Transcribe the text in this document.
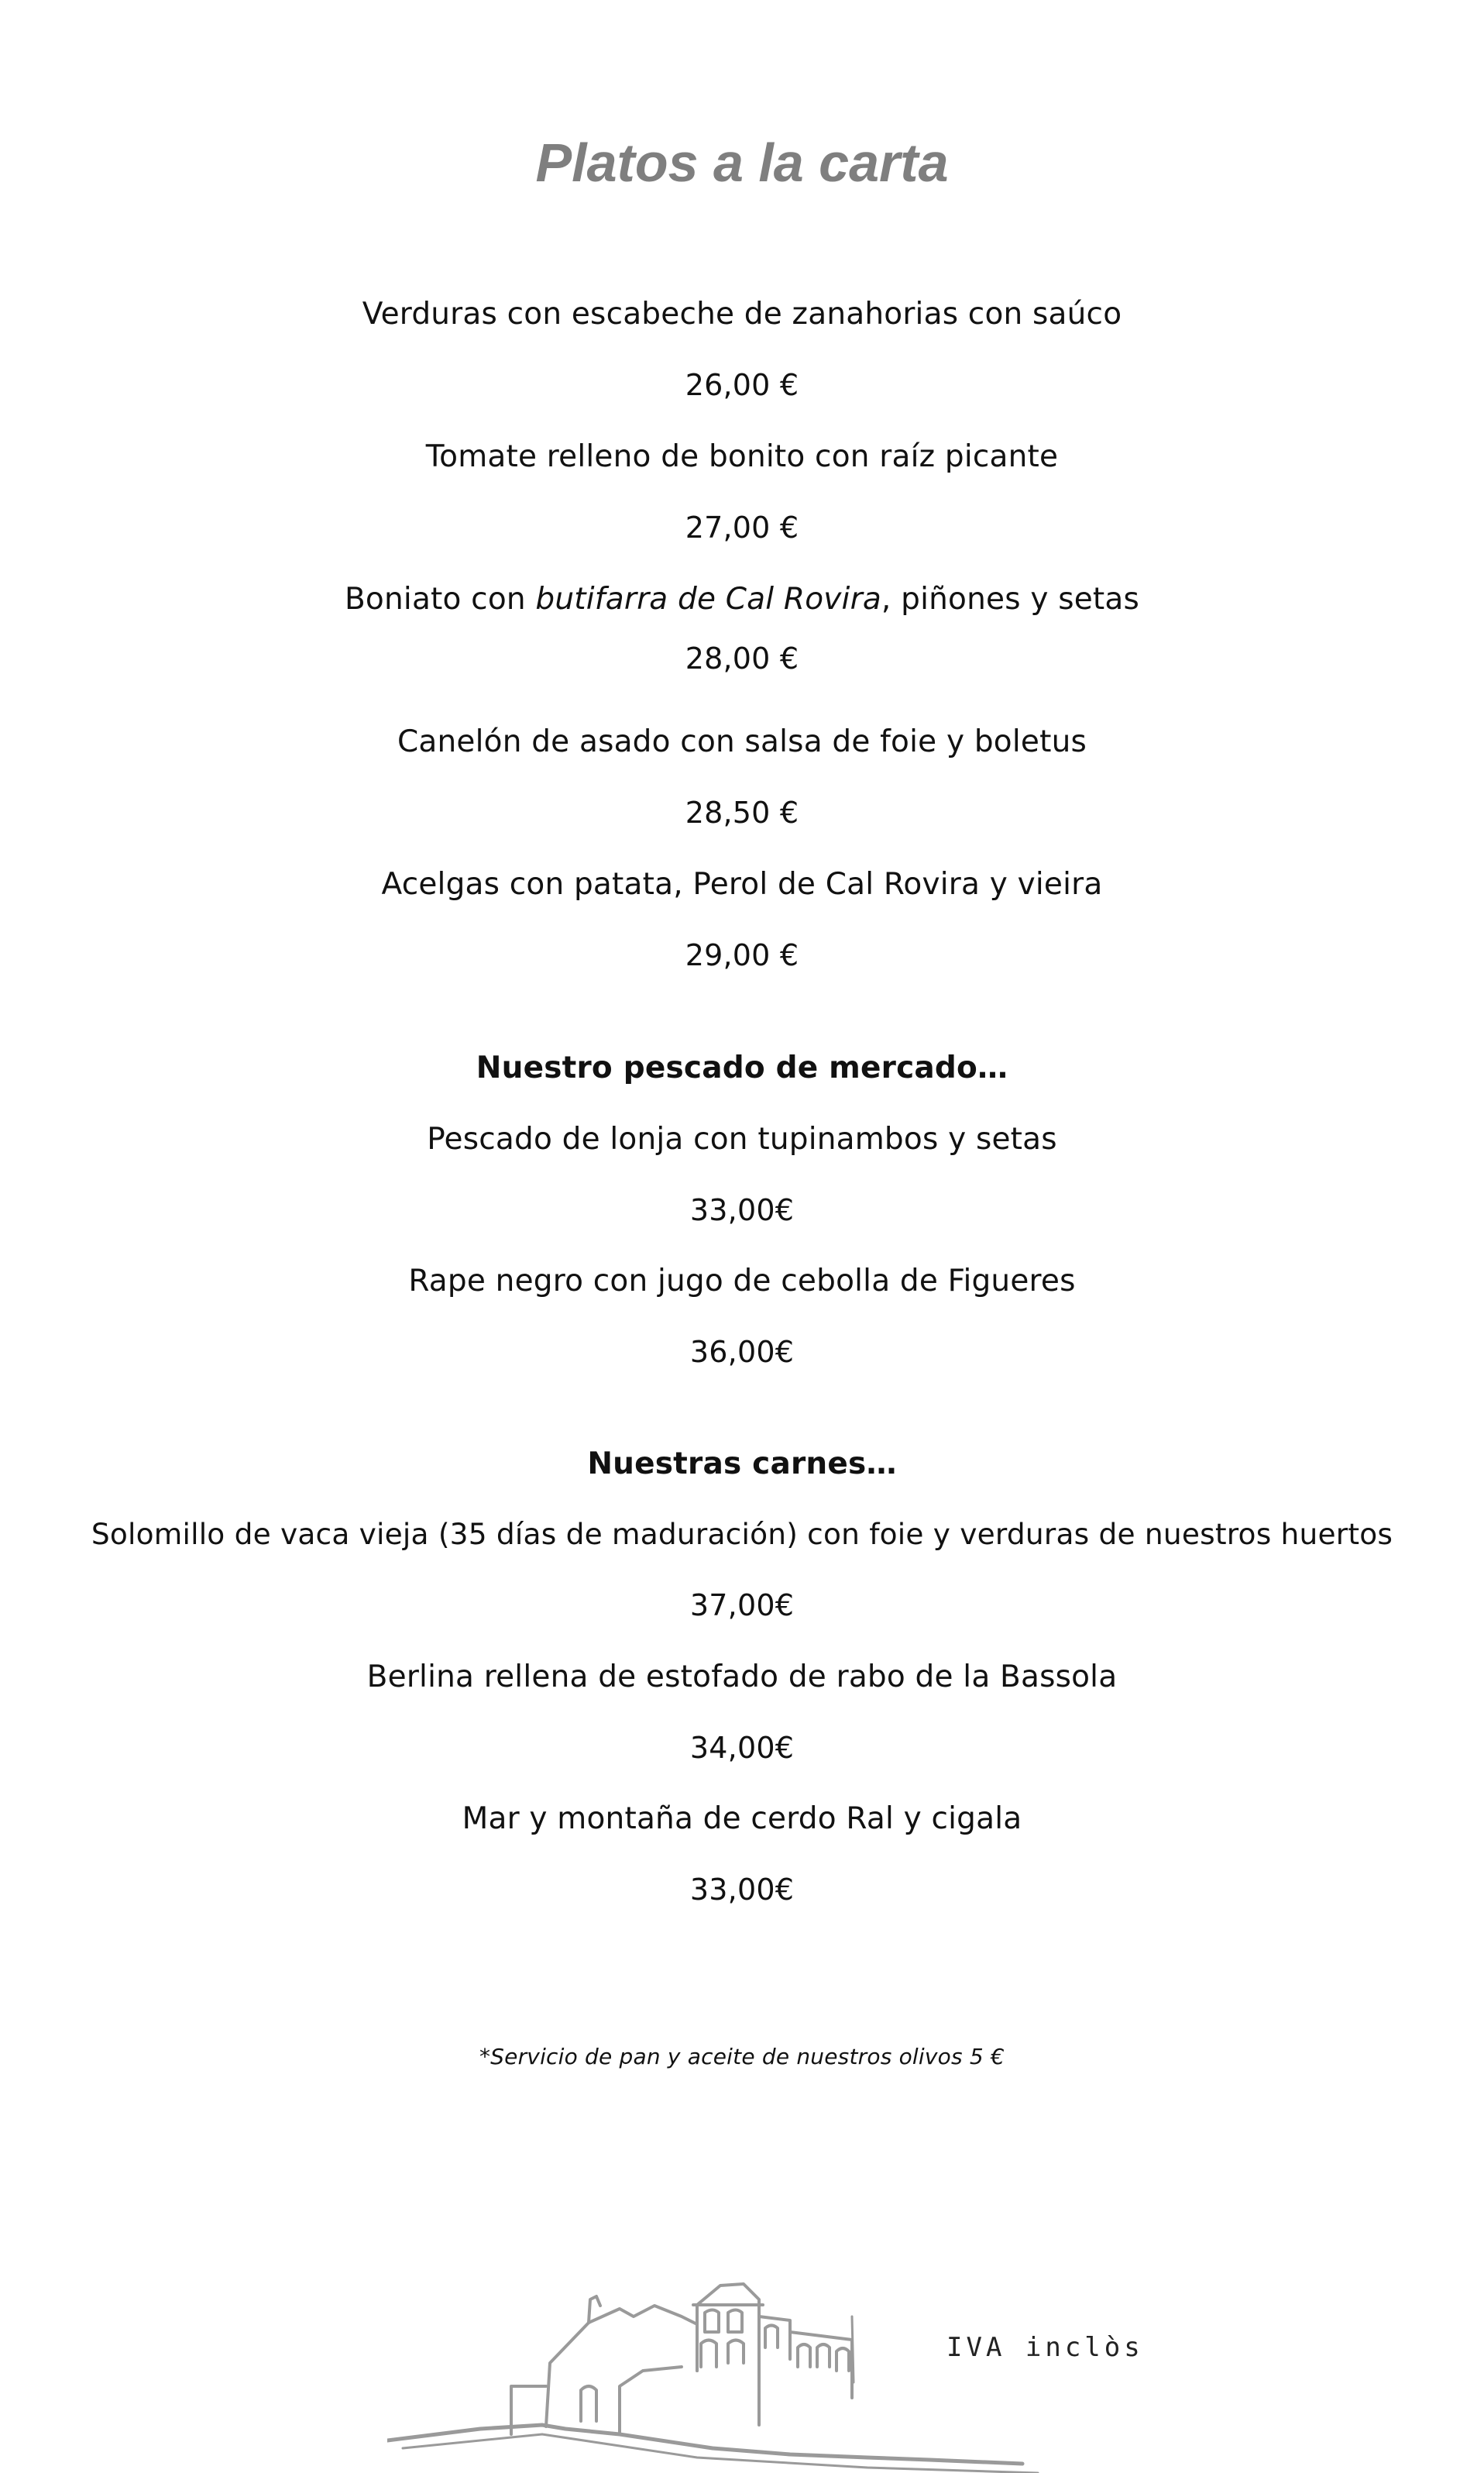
Platos a la carta
Verduras con escabeche de zanahorias con saúco
26,00 €
Tomate relleno de bonito con raíz picante
27,00 €
Boniato con butifarra de Cal Rovira, piñones y setas
28,00 €
Canelón de asado con salsa de foie y boletus
28,50 €
Acelgas con patata, Perol de Cal Rovira y vieira
29,00 €
Nuestro pescado de mercado…
Pescado de lonja con tupinambos y setas
33,00€
Rape negro con jugo de cebolla de Figueres
36,00€
Nuestras carnes…
Solomillo de vaca vieja (35 días de maduración) con foie y verduras de nuestros huertos
37,00€
Berlina rellena de estofado de rabo de la Bassola
34,00€
Mar y montaña de cerdo Ral y cigala
33,00€
*Servicio de pan y aceite de nuestros olivos 5 €
IVA inclòs
